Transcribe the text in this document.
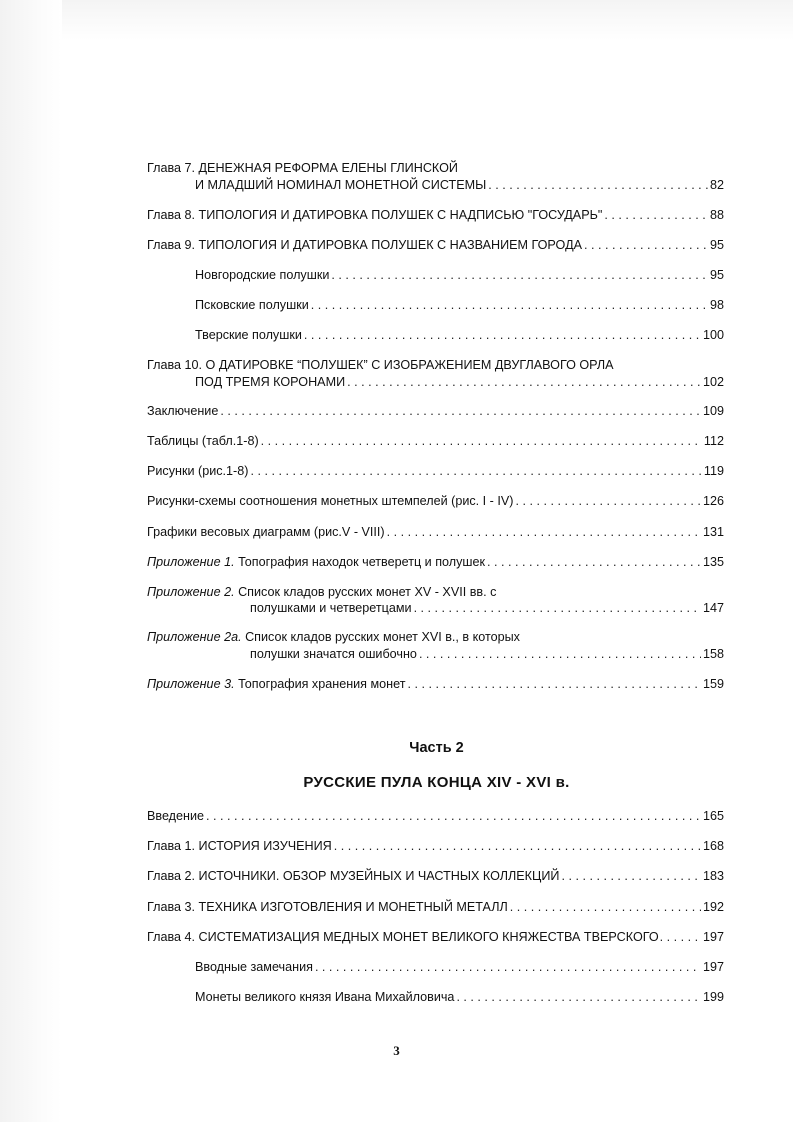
Глава 7. ДЕНЕЖНАЯ РЕФОРМА ЕЛЕНЫ ГЛИНСКОЙ
И МЛАДШИЙ НОМИНАЛ МОНЕТНОЙ СИСТЕМЫ . . .	82
Глава 8. ТИПОЛОГИЯ И ДАТИРОВКА ПОЛУШЕК С НАДПИСЬЮ "ГОСУДАРЬ" . . .	88
Глава 9. ТИПОЛОГИЯ И ДАТИРОВКА ПОЛУШЕК С НАЗВАНИЕМ ГОРОДА . . .	95
Новгородские полушки . . .	95
Псковские полушки . . .	98
Тверские полушки . . .	100
Глава 10. О ДАТИРОВКЕ “ПОЛУШЕК” С ИЗОБРАЖЕНИЕМ ДВУГЛАВОГО ОРЛА
ПОД ТРЕМЯ КОРОНАМИ . . .	102
Заключение . . .	109
Таблицы (табл.1-8) . . .	112
Рисунки (рис.1-8) . . .	119
Рисунки-схемы соотношения монетных штемпелей (рис. I - IV) . . .	126
Графики весовых диаграмм (рис.V - VIII) . . .	131
Приложение 1. Топография находок четверетц и полушек . . .	135
Приложение 2. Список кладов русских монет XV - XVII вв. с
полушками и четверетцами . . .	147
Приложение 2а. Список кладов русских монет XVI в., в которых
полушки значатся ошибочно . . .	158
Приложение 3. Топография хранения монет . . .	159
Часть 2
РУССКИЕ ПУЛА КОНЦА XIV - XVI в.
Введение . . .	165
Глава 1. ИСТОРИЯ ИЗУЧЕНИЯ . . .	168
Глава 2. ИСТОЧНИКИ. ОБЗОР МУЗЕЙНЫХ И ЧАСТНЫХ КОЛЛЕКЦИЙ . . .	183
Глава 3. ТЕХНИКА ИЗГОТОВЛЕНИЯ И МОНЕТНЫЙ МЕТАЛЛ . . .	192
Глава 4. СИСТЕМАТИЗАЦИЯ МЕДНЫХ МОНЕТ ВЕЛИКОГО КНЯЖЕСТВА ТВЕРСКОГО . . .	197
Вводные замечания . . .	197
Монеты великого князя Ивана Михайловича . . .	199
3
